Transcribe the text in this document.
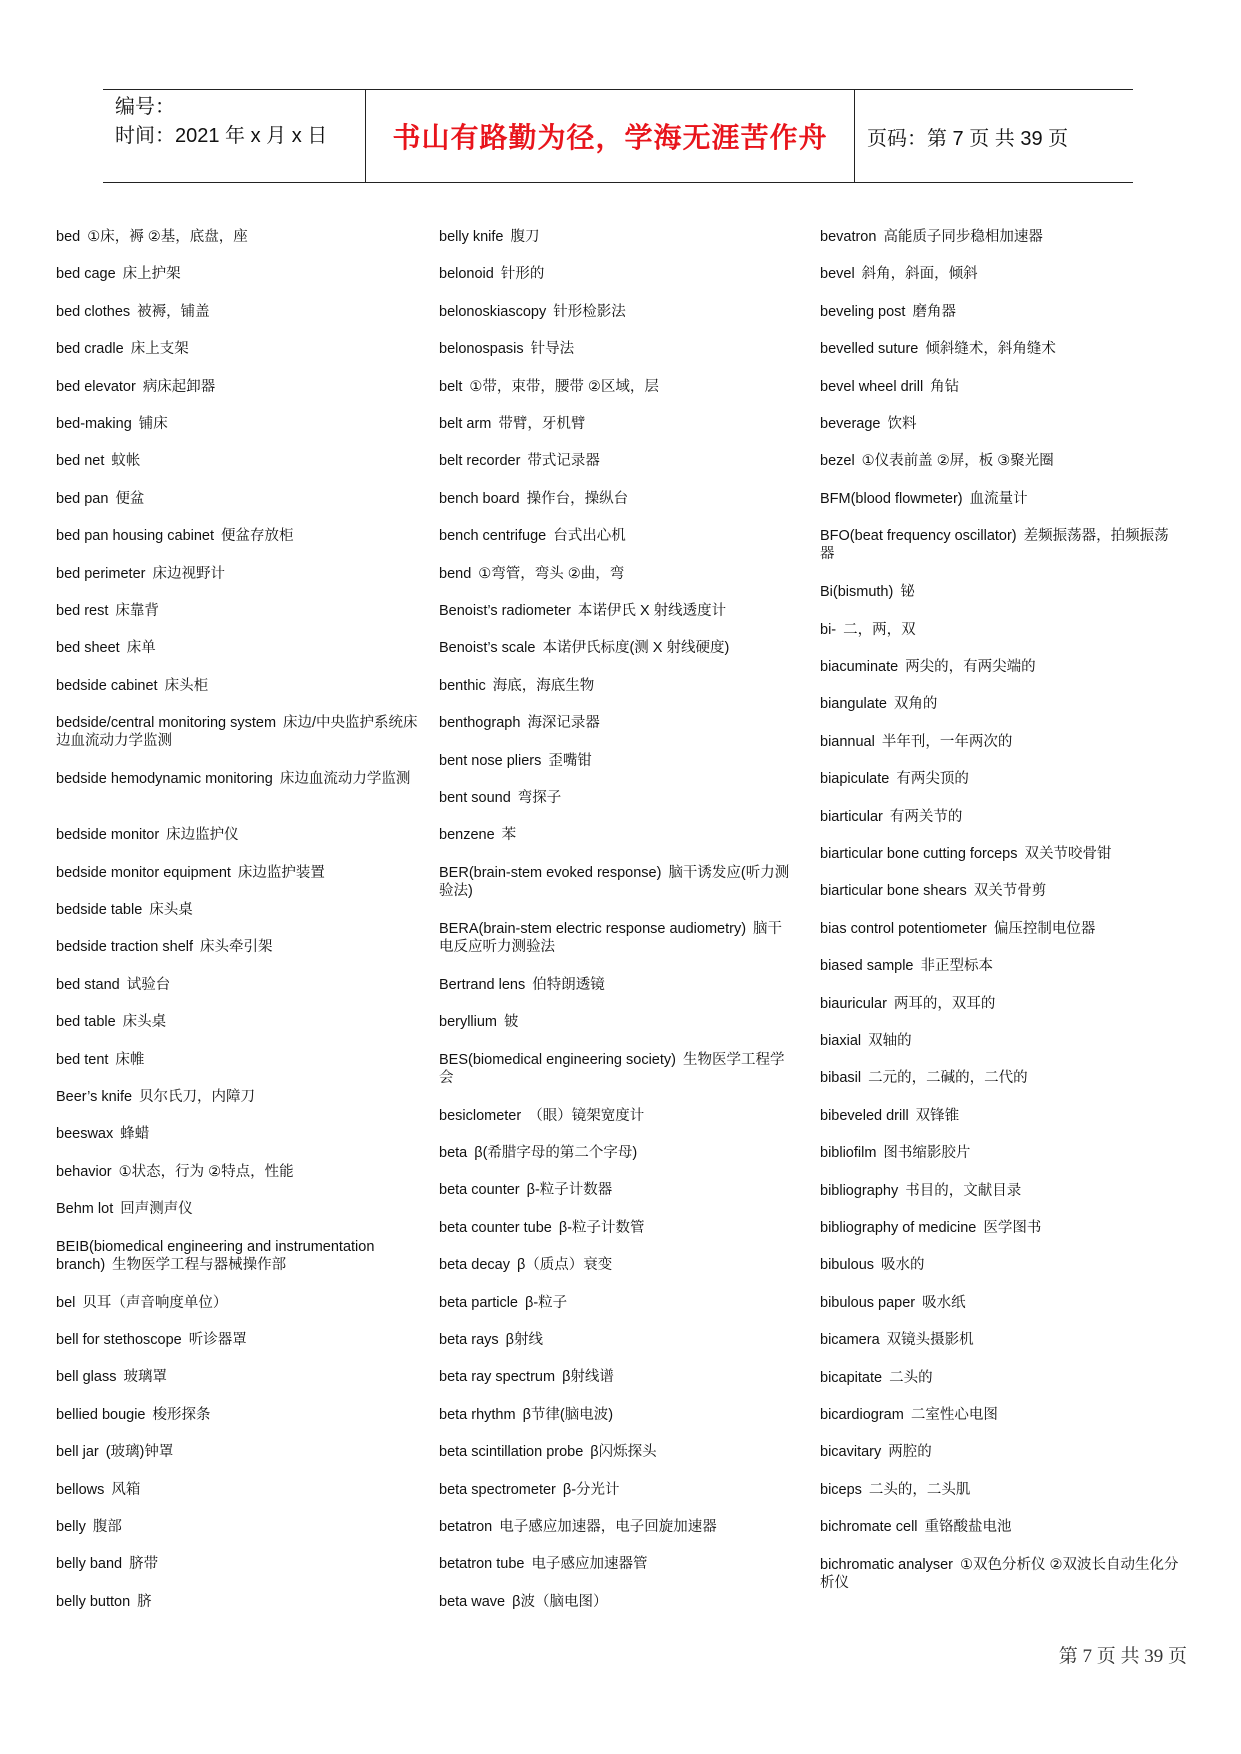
编号：
时间：2021 年 x 月 x 日	书山有路勤为径，学海无涯苦作舟	页码：第 7 页 共 39 页
bed ①床，褥 ②基，底盘，座
bed cage 床上护架
bed clothes 被褥，铺盖
bed cradle 床上支架
bed elevator 病床起卸器
bed-making 铺床
bed net 蚊帐
bed pan 便盆
bed pan housing cabinet 便盆存放柜
bed perimeter 床边视野计
bed rest 床靠背
bed sheet 床单
bedside cabinet 床头柜
bedside/central monitoring system 床边/中央监护系统床边血流动力学监测
bedside hemodynamic monitoring 床边血流动力学监测
bedside monitor 床边监护仪
bedside monitor equipment 床边监护装置
bedside table 床头桌
bedside traction shelf 床头牵引架
bed stand 试验台
bed table 床头桌
bed tent 床帷
Beer’s knife 贝尔氏刀，内障刀
beeswax 蜂蜡
behavior ①状态，行为 ②特点，性能
Behm lot 回声测声仪
BEIB(biomedical engineering and instrumentation branch) 生物医学工程与器械操作部
bel 贝耳（声音响度单位）
bell for stethoscope 听诊器罩
bell glass 玻璃罩
bellied bougie 梭形探条
bell jar (玻璃)钟罩
bellows 风箱
belly 腹部
belly band 脐带
belly button 脐
belly knife 腹刀
belonoid 针形的
belonoskiascopy 针形检影法
belonospasis 针导法
belt ①带，束带，腰带 ②区域，层
belt arm 带臂，牙机臂
belt recorder 带式记录器
bench board 操作台，操纵台
bench centrifuge 台式出心机
bend ①弯管，弯头 ②曲，弯
Benoist’s radiometer 本诺伊氏 X 射线透度计
Benoist’s scale 本诺伊氏标度(测 X 射线硬度)
benthic 海底，海底生物
benthograph 海深记录器
bent nose pliers 歪嘴钳
bent sound 弯探子
benzene 苯
BER(brain-stem evoked response) 脑干诱发应(听力测验法)
BERA(brain-stem electric response audiometry) 脑干电反应听力测验法
Bertrand lens 伯特朗透镜
beryllium 铍
BES(biomedical engineering society) 生物医学工程学会
besiclometer （眼）镜架宽度计
beta β(希腊字母的第二个字母)
beta counter β-粒子计数器
beta counter tube β-粒子计数管
beta decay β（质点）衰变
beta particle β-粒子
beta rays β射线
beta ray spectrum β射线谱
beta rhythm β节律(脑电波)
beta scintillation probe β闪烁探头
beta spectrometer β-分光计
betatron 电子感应加速器，电子回旋加速器
betatron tube 电子感应加速器管
beta wave β波（脑电图）
bevatron 高能质子同步稳相加速器
bevel 斜角，斜面，倾斜
beveling post 磨角器
bevelled suture 倾斜缝术，斜角缝术
bevel wheel drill 角钻
beverage 饮料
bezel ①仪表前盖 ②屏，板 ③聚光圈
BFM(blood flowmeter) 血流量计
BFO(beat frequency oscillator) 差频振荡器，拍频振荡器
Bi(bismuth) 铋
bi- 二，两，双
biacuminate 两尖的，有两尖端的
biangulate 双角的
biannual 半年刊，一年两次的
biapiculate 有两尖顶的
biarticular 有两关节的
biarticular bone cutting forceps 双关节咬骨钳
biarticular bone shears 双关节骨剪
bias control potentiometer 偏压控制电位器
biased sample 非正型标本
biauricular 两耳的，双耳的
biaxial 双轴的
bibasil 二元的，二碱的，二代的
bibeveled drill 双锋锥
bibliofilm 图书缩影胶片
bibliography 书目的，文献目录
bibliography of medicine 医学图书
bibulous 吸水的
bibulous paper 吸水纸
bicamera 双镜头摄影机
bicapitate 二头的
bicardiogram 二室性心电图
bicavitary 两腔的
biceps 二头的，二头肌
bichromate cell 重铬酸盐电池
bichromatic analyser ①双色分析仪 ②双波长自动生化分析仪
第 7 页 共 39 页
